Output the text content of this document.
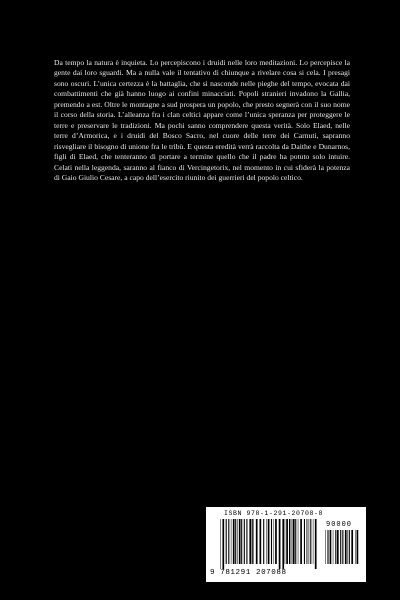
Da tempo la natura è inquieta. Lo percepiscono i druidi nelle loro meditazioni. Lo percepisce la gente dai loro sguardi. Ma a nulla vale il tentativo di chiunque a rivelare cosa si cela. I presagi sono oscuri. L’unica certezza è la battaglia, che si nasconde nelle pieghe del tempo, evocata dai combattimenti che già hanno luogo ai confini minacciati. Popoli stranieri invadono la Gallia, premendo a est. Oltre le montagne a sud prospera un popolo, che presto segnerà con il suo nome il corso della storia. L’alleanza fra i clan celtici appare come l’unica speranza per proteggere le terre e preservare le tradizioni. Ma pochi sanno comprendere questa verità. Solo Elaed, nelle terre d’Armorica, e i druidi del Bosco Sacro, nel cuore delle terre dei Carnuti, sapranno risvegliare il bisogno di unione fra le tribù. E questa eredità verrà raccolta da Daithe e Dunarnos, figli di Elaed, che tenteranno di portare a termine quello che il padre ha potuto solo intuire. Celati nella leggenda, saranno al fianco di Vercingetorix, nel momento in cui sfiderà la potenza di Gaio Giulio Cesare, a capo dell’esercito riunito dei guerrieri del popolo celtico.

ISBN 978-1-291-20708-8
90000
9 781291 207088
